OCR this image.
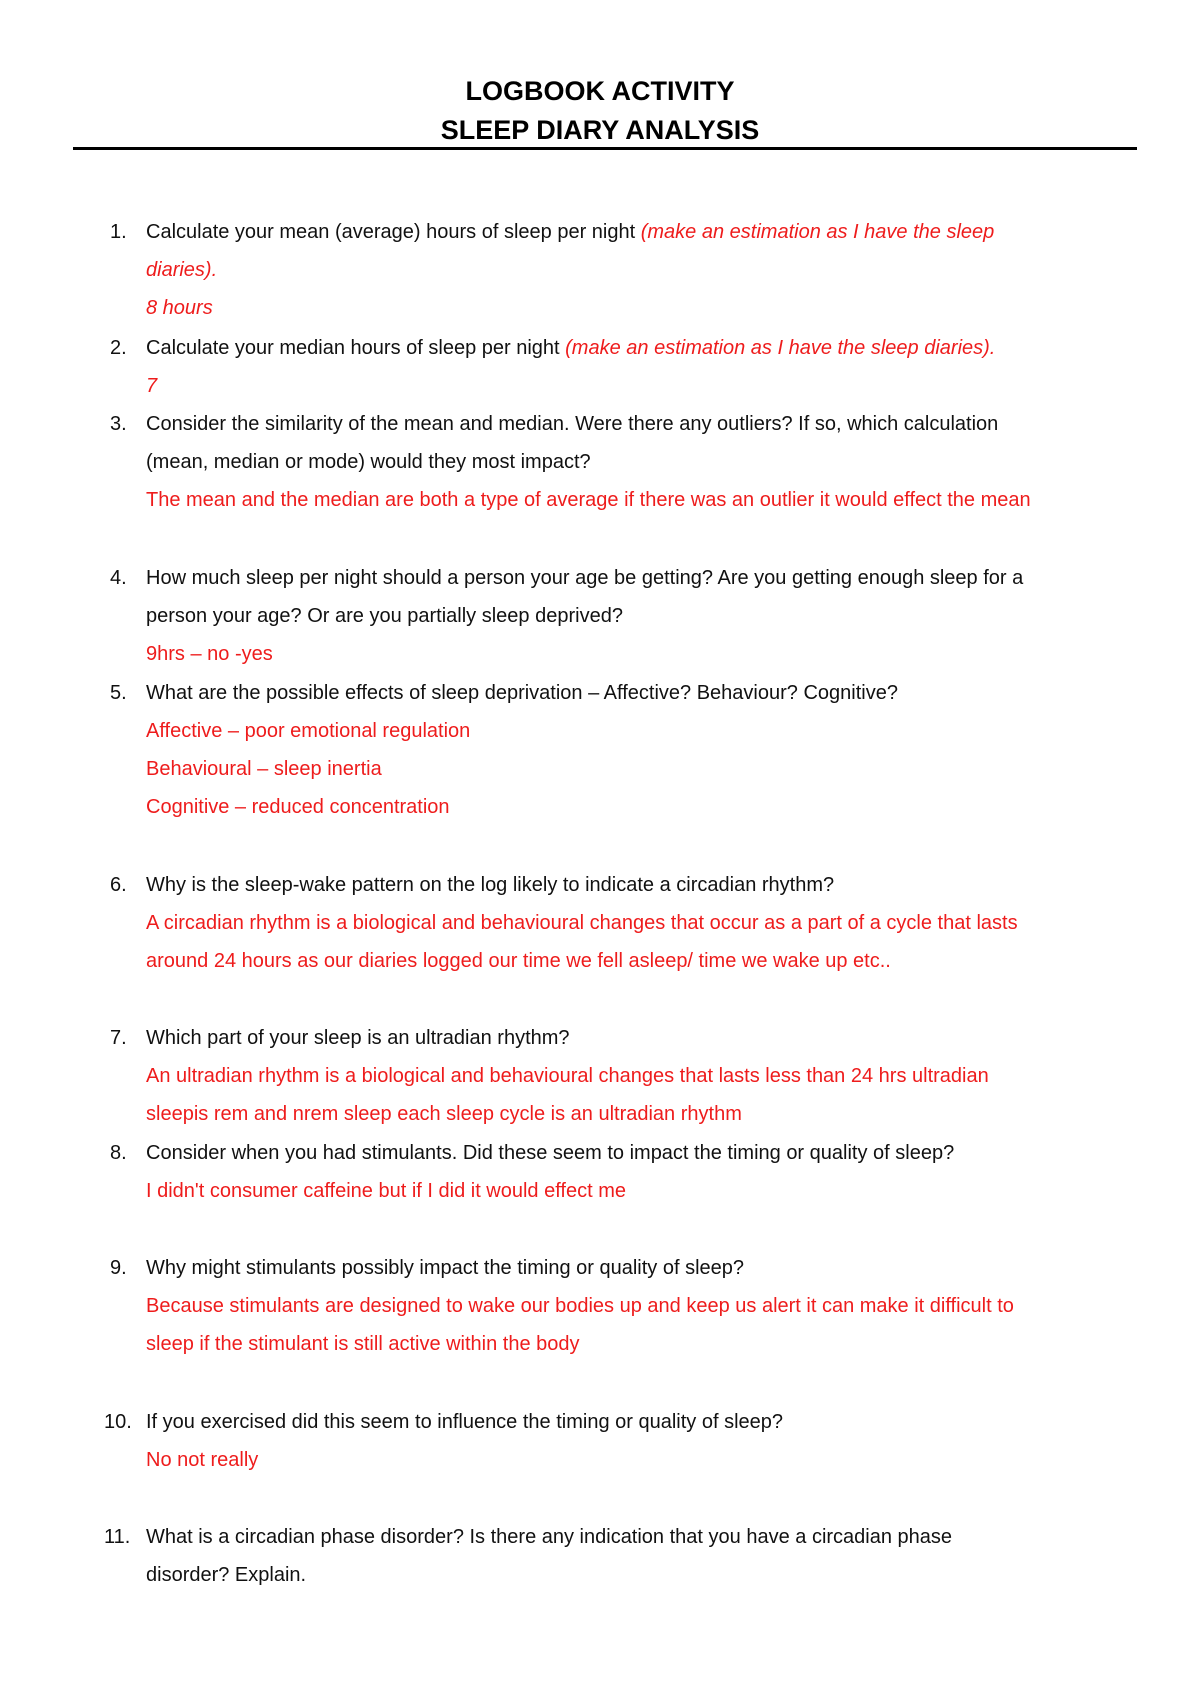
LOGBOOK ACTIVITY
SLEEP DIARY ANALYSIS
1. Calculate your mean (average) hours of sleep per night (make an estimation as I have the sleep
diaries).
8 hours
2. Calculate your median hours of sleep per night (make an estimation as I have the sleep diaries).
7
3. Consider the similarity of the mean and median. Were there any outliers? If so, which calculation
(mean, median or mode) would they most impact?
The mean and the median are both a type of average if there was an outlier it would effect the mean
4. How much sleep per night should a person your age be getting? Are you getting enough sleep for a
person your age? Or are you partially sleep deprived?
9hrs – no -yes
5. What are the possible effects of sleep deprivation – Affective? Behaviour? Cognitive?
Affective – poor emotional regulation
Behavioural – sleep inertia
Cognitive – reduced concentration
6. Why is the sleep-wake pattern on the log likely to indicate a circadian rhythm?
A circadian rhythm is a biological and behavioural changes that occur as a part of a cycle that lasts
around 24 hours as our diaries logged our time we fell asleep/ time we wake up etc..
7. Which part of your sleep is an ultradian rhythm?
An ultradian rhythm is a biological and behavioural changes that lasts less than 24 hrs ultradian
sleepis rem and nrem sleep each sleep cycle is an ultradian rhythm
8. Consider when you had stimulants. Did these seem to impact the timing or quality of sleep?
I didn't consumer caffeine but if I did it would effect me
9. Why might stimulants possibly impact the timing or quality of sleep?
Because stimulants are designed to wake our bodies up and keep us alert it can make it difficult to
sleep if the stimulant is still active within the body
10. If you exercised did this seem to influence the timing or quality of sleep?
No not really
11. What is a circadian phase disorder? Is there any indication that you have a circadian phase
disorder? Explain.
